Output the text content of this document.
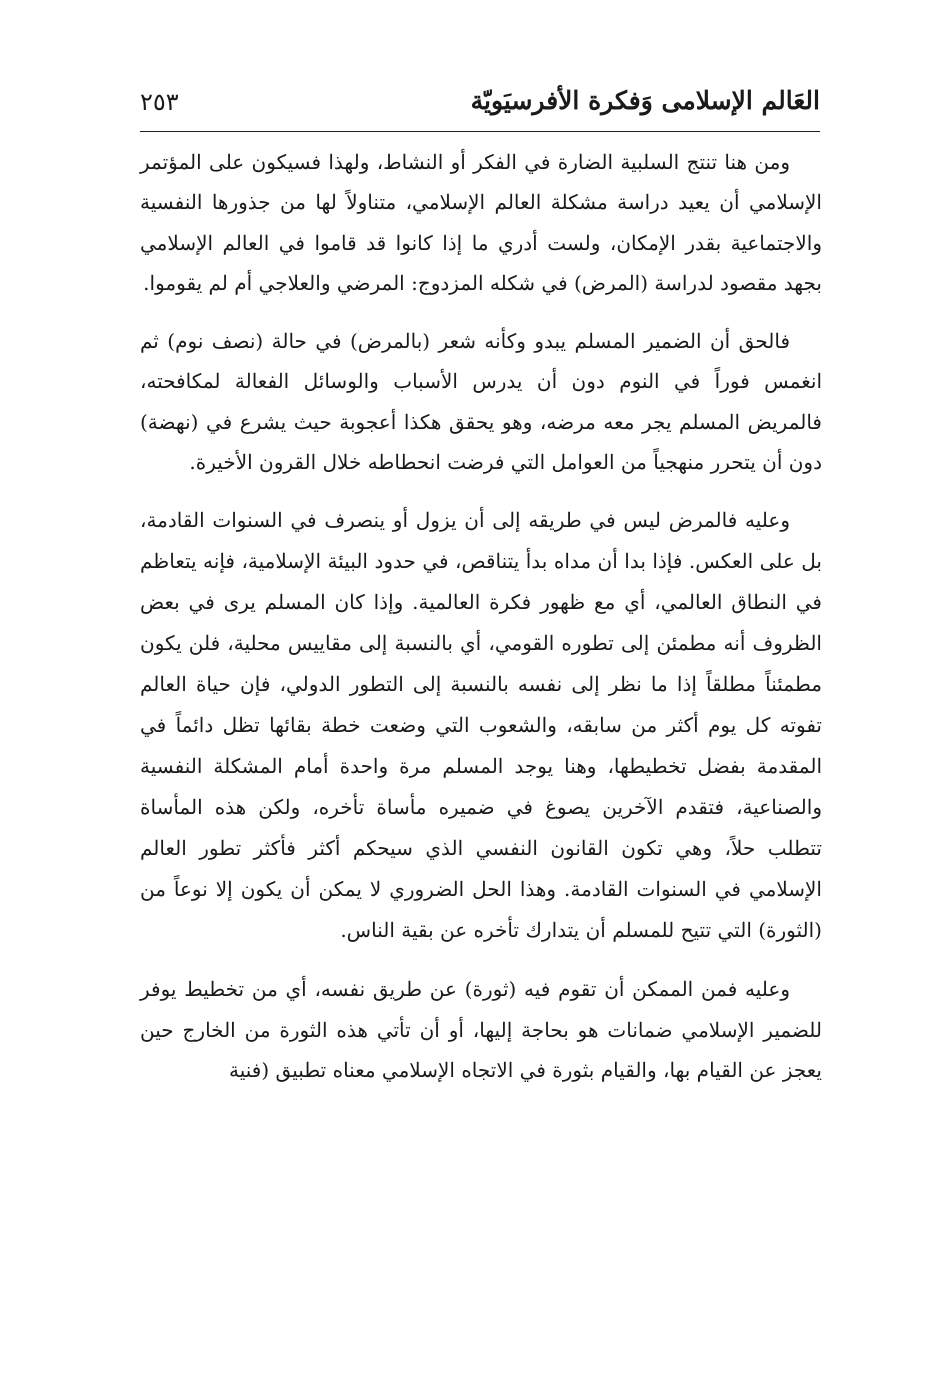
العَالم الإسلامى وَفكرة الأفرسيَويّة
٢٥٣

ومن هنا تنتج السلبية الضارة في الفكر أو النشاط، ولهذا فسيكون على المؤتمر الإسلامي أن يعيد دراسة مشكلة العالم الإسلامي، متناولاً لها من جذورها النفسية والاجتماعية بقدر الإمكان، ولست أدري ما إذا كانوا قد قاموا في العالم الإسلامي بجهد مقصود لدراسة (المرض) في شكله المزدوج: المرضي والعلاجي أم لم يقوموا.

فالحق أن الضمير المسلم يبدو وكأنه شعر (بالمرض) في حالة (نصف نوم) ثم انغمس فوراً في النوم دون أن يدرس الأسباب والوسائل الفعالة لمكافحته، فالمريض المسلم يجر معه مرضه، وهو يحقق هكذا أعجوبة حيث يشرع في (نهضة) دون أن يتحرر منهجياً من العوامل التي فرضت انحطاطه خلال القرون الأخيرة.

وعليه فالمرض ليس في طريقه إلى أن يزول أو ينصرف في السنوات القادمة، بل على العكس. فإذا بدا أن مداه بدأ يتناقص، في حدود البيئة الإسلامية، فإنه يتعاظم في النطاق العالمي، أي مع ظهور فكرة العالمية. وإذا كان المسلم يرى في بعض الظروف أنه مطمئن إلى تطوره القومي، أي بالنسبة إلى مقاييس محلية، فلن يكون مطمئناً مطلقاً إذا ما نظر إلى نفسه بالنسبة إلى التطور الدولي، فإن حياة العالم تفوته كل يوم أكثر من سابقه، والشعوب التي وضعت خطة بقائها تظل دائماً في المقدمة بفضل تخطيطها، وهنا يوجد المسلم مرة واحدة أمام المشكلة النفسية والصناعية، فتقدم الآخرين يصوغ في ضميره مأساة تأخره، ولكن هذه المأساة تتطلب حلاً، وهي تكون القانون النفسي الذي سيحكم أكثر فأكثر تطور العالم الإسلامي في السنوات القادمة. وهذا الحل الضروري لا يمكن أن يكون إلا نوعاً من (الثورة) التي تتيح للمسلم أن يتدارك تأخره عن بقية الناس.

وعليه فمن الممكن أن تقوم فيه (ثورة) عن طريق نفسه، أي من تخطيط يوفر للضمير الإسلامي ضمانات هو بحاجة إليها، أو أن تأتي هذه الثورة من الخارج حين يعجز عن القيام بها، والقيام بثورة في الاتجاه الإسلامي معناه تطبيق (فنية
